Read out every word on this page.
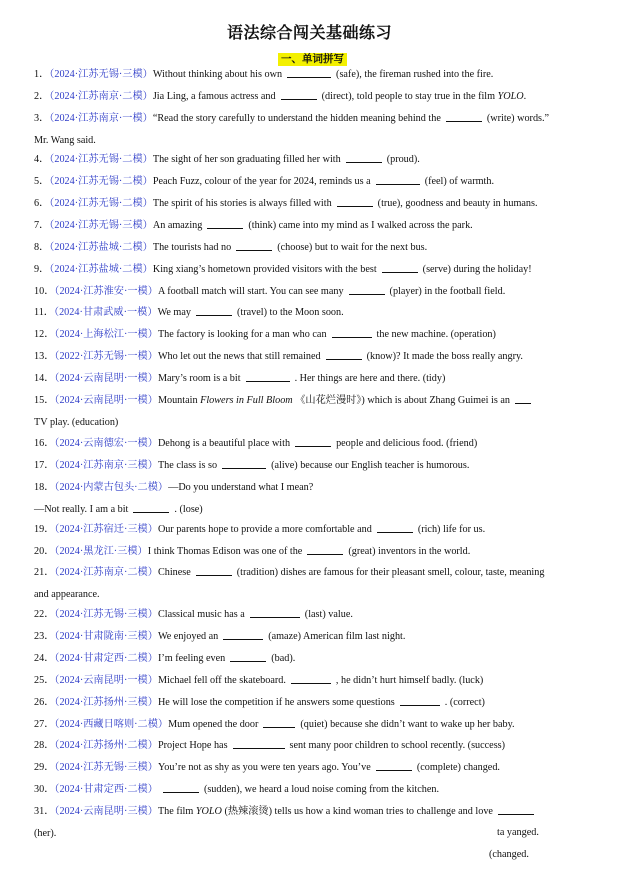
语法综合闯关基础练习
一、单词拼写
1．（2024·江苏无锡·三模）Without thinking about his own	(safe), the fireman rushed into the fire.
2．（2024·江苏南京·二模）Jia Ling, a famous actress and	(direct), told people to stay true in the film YOLO.
3．（2024·江苏南京·一模）“Read the story carefully to understand the hidden meaning behind the	(write) words.”
Mr. Wang said.
4．（2024·江苏无锡·二模）The sight of her son graduating filled her with	(proud).
5．（2024·江苏无锡·二模）Peach Fuzz, colour of the year for 2024, reminds us a	(feel) of warmth.
6．（2024·江苏无锡·二模）The spirit of his stories is always filled with	(true), goodness and beauty in humans.
7．（2024·江苏无锡·三模）An amazing	(think) came into my mind as I walked across the park.
8．（2024·江苏盐城·二模）The tourists had no	(choose) but to wait for the next bus.
9．（2024·江苏盐城·二模）King xiang’s hometown provided visitors with the best	(serve) during the holiday!
10．（2024·江苏淮安·一模）A football match will start. You can see many	(player) in the football field.
11．（2024·甘肃武威·一模）We may	(travel) to the Moon soon.
12．（2024·上海松江·一模）The factory is looking for a man who can	the new machine. (operation)
13．（2022·江苏无锡·一模）Who let out the news that still remained	(know)? It made the boss really angry.
14．（2024·云南昆明·一模）Mary’s room is a bit	. Her things are here and there. (tidy)
15．（2024·云南昆明·一模）Mountain Flowers in Full Bloom 《山花烂漫时》) which is about Zhang Guimei is an
TV play. (education)
16．（2024·云南德宏·一模）Dehong is a beautiful place with	people and delicious food. (friend)
17．（2024·江苏南京·三模）The class is so	(alive) because our English teacher is humorous.
18．（2024·内蒙古包头·二模）—Do you understand what I mean?
—Not really. I am a bit	. (lose)
19．（2024·江苏宿迁·三模）Our parents hope to provide a more comfortable and	(rich) life for us.
20．（2024·黑龙江·三模）I think Thomas Edison was one of the	(great) inventors in the world.
21．（2024·江苏南京·二模）Chinese	(tradition) dishes are famous for their pleasant smell, colour, taste, meaning
and appearance.
22．（2024·江苏无锡·三模）Classical music has a	(last) value.
23．（2024·甘肃陇南·三模）We enjoyed an	(amaze) American film last night.
24．（2024·甘肃定西·二模）I’m feeling even	(bad).
25．（2024·云南昆明·一模）Michael fell off the skateboard.	, he didn’t hurt himself badly. (luck)
26．（2024·江苏扬州·三模）He will lose the competition if he answers some questions	. (correct)
27．（2024·西藏日喀则·二模）Mum opened the door	(quiet) because she didn’t want to wake up her baby.
28．（2024·江苏扬州·二模）Project Hope has	sent many poor children to school recently. (success)
29．（2024·江苏无锡·三模）You’re not as shy as you were ten years ago. You’ve	(complete) changed.
30．（2024·甘肃定西·二模）	(sudden), we heard a loud noise coming from the kitchen.
31．（2024·云南昆明·三模）The film YOLO (热辣滚烫) tells us how a kind woman tries to challenge and love
(her).	ta yanged.
(changed.
